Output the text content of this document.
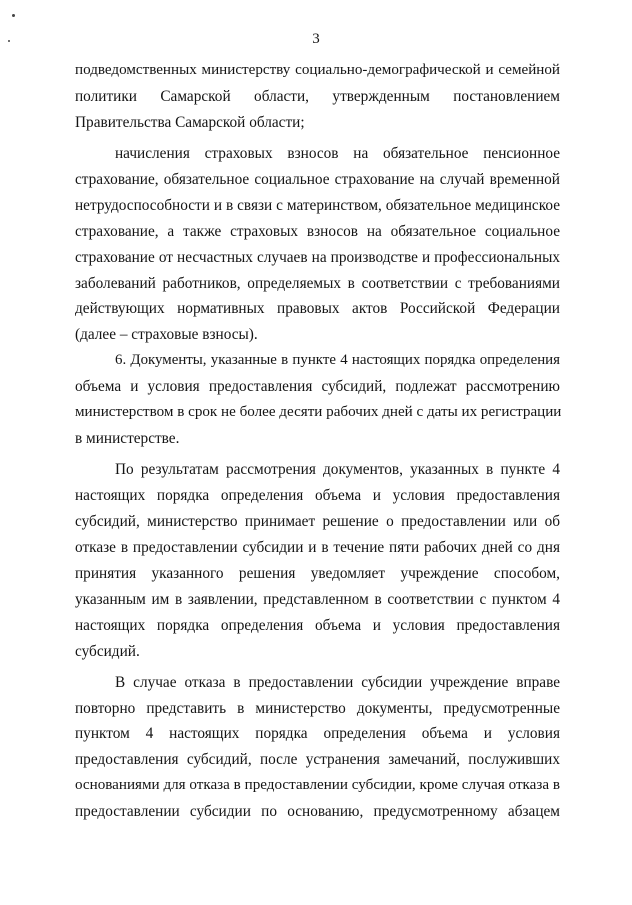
3
подведомственных министерству социально-демографической и семейной
политики Самарской области, утвержденным постановлением
Правительства Самарской области;
начисления страховых взносов на обязательное пенсионное
страхование, обязательное социальное страхование на случай временной
нетрудоспособности и в связи с материнством, обязательное медицинское
страхование, а также страховых взносов на обязательное социальное
страхование от несчастных случаев на производстве и профессиональных
заболеваний работников, определяемых в соответствии с требованиями
действующих нормативных правовых актов Российской Федерации
(далее – страховые взносы).
6. Документы, указанные в пункте 4 настоящих порядка определения
объема и условия предоставления субсидий, подлежат рассмотрению
министерством в срок не более десяти рабочих дней с даты их регистрации
в министерстве.
По результатам рассмотрения документов, указанных в пункте 4
настоящих порядка определения объема и условия предоставления
субсидий, министерство принимает решение о предоставлении или об
отказе в предоставлении субсидии и в течение пяти рабочих дней со дня
принятия указанного решения уведомляет учреждение способом,
указанным им в заявлении, представленном в соответствии с пунктом 4
настоящих порядка определения объема и условия предоставления
субсидий.
В случае отказа в предоставлении субсидии учреждение вправе
повторно представить в министерство документы, предусмотренные
пунктом 4 настоящих порядка определения объема и условия
предоставления субсидий, после устранения замечаний, послуживших
основаниями для отказа в предоставлении субсидии, кроме случая отказа в
предоставлении субсидии по основанию, предусмотренному абзацем
